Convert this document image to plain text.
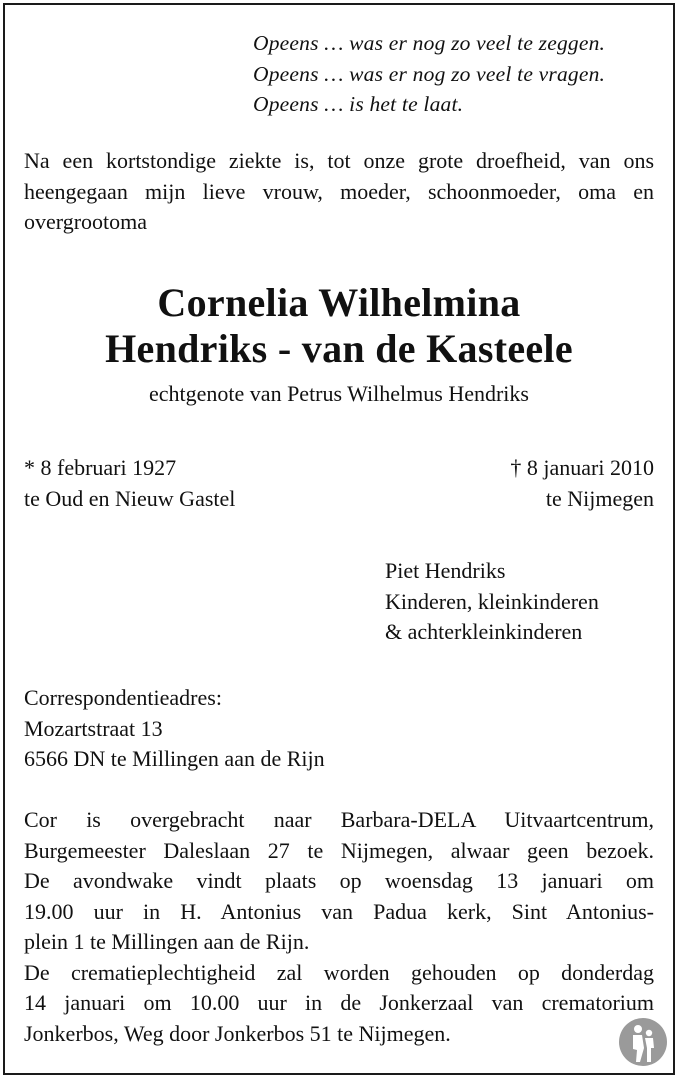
Opeens … was er nog zo veel te zeggen.
Opeens … was er nog zo veel te vragen.
Opeens … is het te laat.
Na een kortstondige ziekte is, tot onze grote droefheid, van ons heengegaan mijn lieve vrouw, moeder, schoonmoeder, oma en overgrootoma
Cornelia Wilhelmina
Hendriks - van de Kasteele
echtgenote van Petrus Wilhelmus Hendriks
* 8 februari 1927
te Oud en Nieuw Gastel
† 8 januari 2010
te Nijmegen
Piet Hendriks
Kinderen, kleinkinderen
& achterkleinkinderen
Correspondentieadres:
Mozartstraat 13
6566 DN te Millingen aan de Rijn
Cor is overgebracht naar Barbara-DELA Uitvaartcentrum,
Burgemeester Daleslaan 27 te Nijmegen, alwaar geen bezoek.
De avondwake vindt plaats op woensdag 13 januari om
19.00 uur in H. Antonius van Padua kerk, Sint Antonius-
plein 1 te Millingen aan de Rijn.
De crematieplechtigheid zal worden gehouden op donderdag
14 januari om 10.00 uur in de Jonkerzaal van crematorium
Jonkerbos, Weg door Jonkerbos 51 te Nijmegen.
